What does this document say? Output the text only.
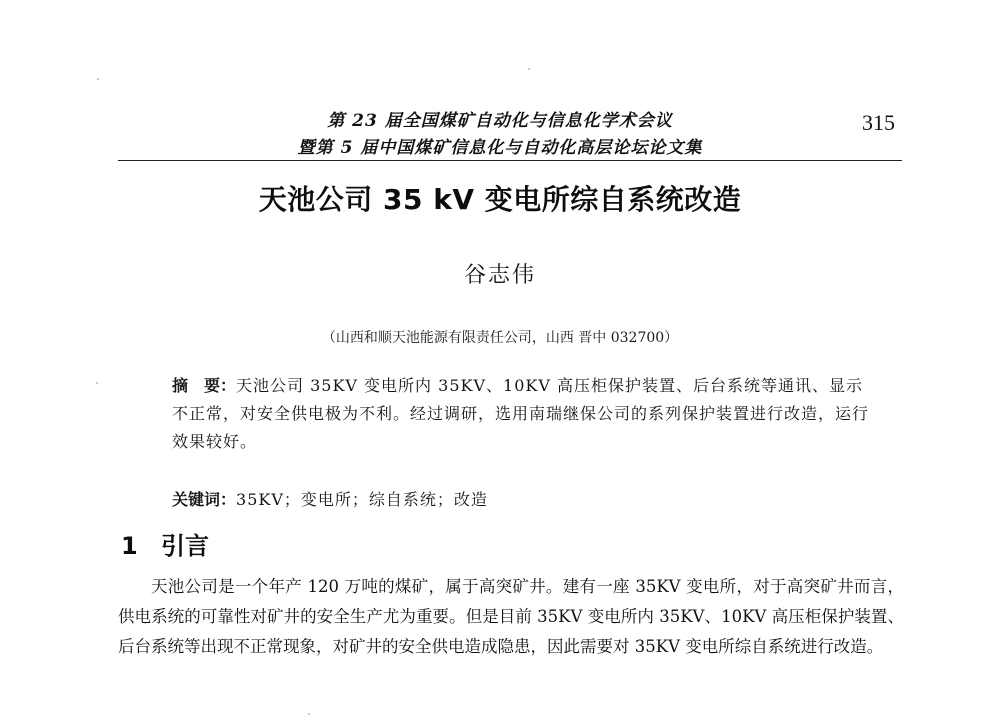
第 23 届全国煤矿自动化与信息化学术会议
暨第 5 届中国煤矿信息化与自动化高层论坛论文集
315
天池公司 35 kV 变电所综自系统改造
谷志伟
（山西和顺天池能源有限责任公司，山西 晋中 032700）
摘　要：天池公司 35KV 变电所内 35KV、10KV 高压柜保护装置、后台系统等通讯、显示不正常，对安全供电极为不利。经过调研，选用南瑞继保公司的系列保护装置进行改造，运行效果较好。
关键词：35KV；变电所；综自系统；改造
1 引言

天池公司是一个年产 120 万吨的煤矿，属于高突矿井。建有一座 35KV 变电所，对于高突矿井而言，供电系统的可靠性对矿井的安全生产尤为重要。但是目前 35KV 变电所内 35KV、10KV 高压柜保护装置、后台系统等出现不正常现象，对矿井的安全供电造成隐患，因此需要对 35KV 变电所综自系统进行改造。
